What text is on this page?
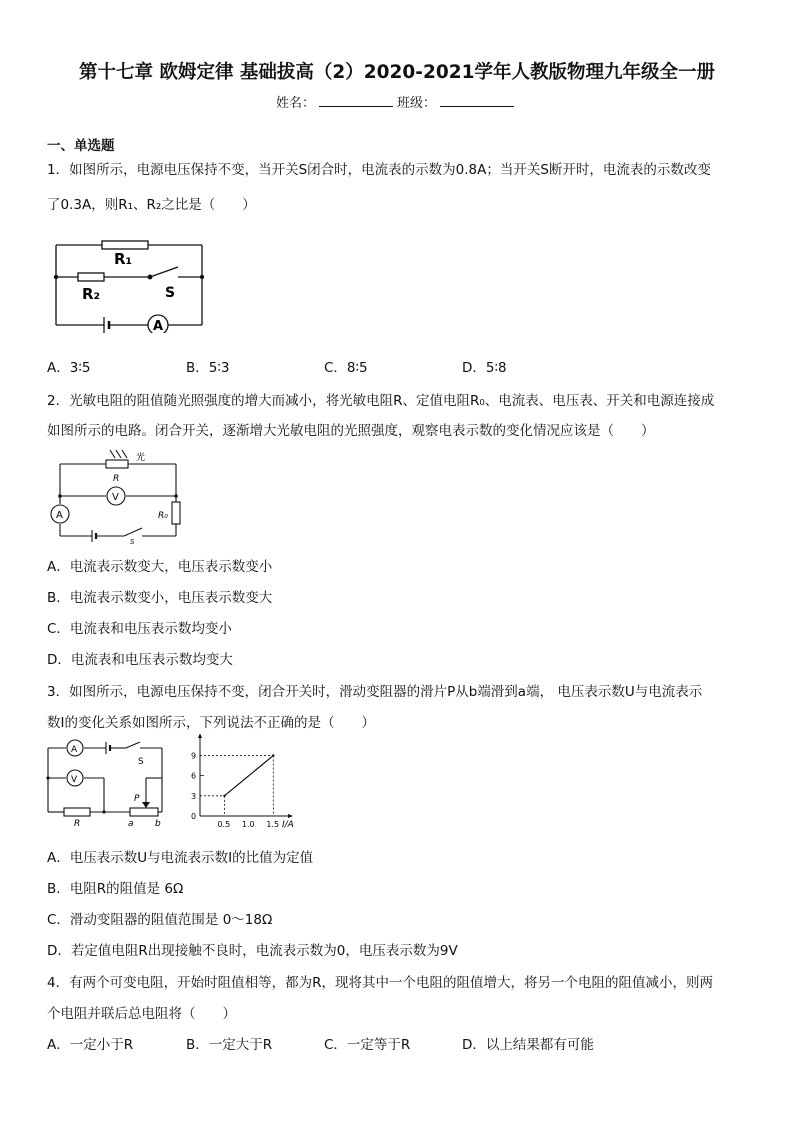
第十七章 欧姆定律 基础拔高（2）2020-2021学年人教版物理九年级全一册
姓名：	班级：
一、单选题
1．如图所示，电源电压保持不变，当开关S闭合时，电流表的示数为0.8A；当开关S断开时，电流表的示数改变
了0.3A，则R₁、R₂之比是（　　）
R₁
R₂	S
A
A．3∶5	B．5∶3	C．8∶5	D．5∶8
2．光敏电阻的阻值随光照强度的增大而减小，将光敏电阻R、定值电阻R₀、电流表、电压表、开关和电源连接成
如图所示的电路。闭合开关，逐渐增大光敏电阻的光照强度，观察电表示数的变化情况应该是（　　）
光
R
V
A	R₀
S
A．电流表示数变大，电压表示数变小
B．电流表示数变小，电压表示数变大
C．电流表和电压表示数均变小
D．电流表和电压表示数均变大
3．如图所示，电源电压保持不变，闭合开关时，滑动变阻器的滑片P从b端滑到a端， 电压表示数U与电流表示
数I的变化关系如图所示，下列说法不正确的是（　　）
A
V
S
P
R	a b	I/A
0
0.5 1.0 1.5
3
6
9
A．电压表示数U与电流表示数I的比值为定值
B．电阻R的阻值是 6Ω
C．滑动变阻器的阻值范围是 0～18Ω
D．若定值电阻R出现接触不良时，电流表示数为0，电压表示数为9V
4．有两个可变电阻，开始时阻值相等，都为R，现将其中一个电阻的阻值增大，将另一个电阻的阻值减小，则两
个电阻并联后总电阻将（　　）
A．一定小于R	B．一定大于R	C．一定等于R	D．以上结果都有可能
